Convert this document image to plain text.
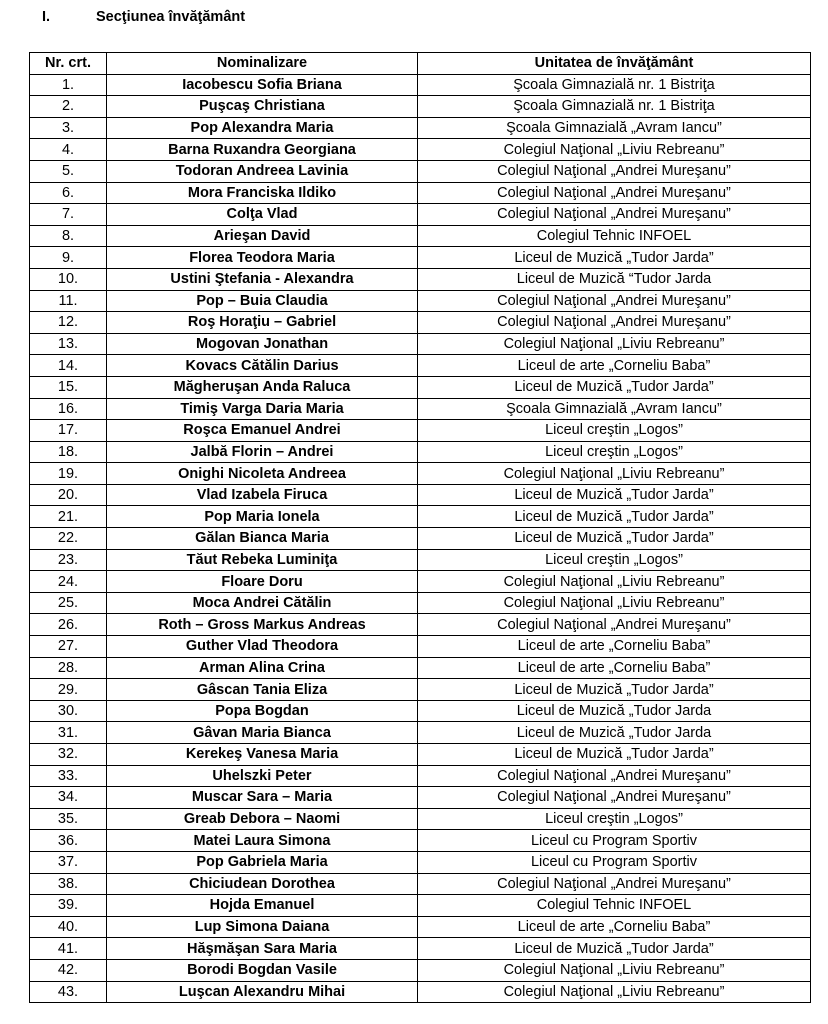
I.	Secţiunea învăţământ
Nr. crt.	Nominalizare	Unitatea de învăţământ
1.	Iacobescu Sofia Briana	Şcoala Gimnazială nr. 1 Bistriţa
2.	Puşcaş Christiana	Şcoala Gimnazială nr. 1 Bistriţa
3.	Pop Alexandra Maria	Şcoala Gimnazială „Avram Iancu”
4.	Barna Ruxandra Georgiana	Colegiul Naţional „Liviu Rebreanu”
5.	Todoran Andreea Lavinia	Colegiul Naţional „Andrei Mureşanu”
6.	Mora Franciska Ildiko	Colegiul Naţional „Andrei Mureşanu”
7.	Colţa Vlad	Colegiul Naţional „Andrei Mureşanu”
8.	Arieşan David	Colegiul Tehnic INFOEL
9.	Florea Teodora Maria	Liceul de Muzică „Tudor Jarda”
10.	Ustini Ştefania - Alexandra	Liceul de Muzică “Tudor Jarda
11.	Pop – Buia Claudia	Colegiul Naţional „Andrei Mureşanu”
12.	Roş Horaţiu – Gabriel	Colegiul Naţional „Andrei Mureşanu”
13.	Mogovan Jonathan	Colegiul Naţional „Liviu Rebreanu”
14.	Kovacs Cătălin Darius	Liceul de arte „Corneliu Baba”
15.	Măgheruşan Anda Raluca	Liceul de Muzică „Tudor Jarda”
16.	Timiş Varga Daria Maria	Şcoala Gimnazială „Avram Iancu”
17.	Roşca Emanuel Andrei	Liceul creştin „Logos”
18.	Jalbă Florin – Andrei	Liceul creştin „Logos”
19.	Onighi Nicoleta Andreea	Colegiul Naţional „Liviu Rebreanu”
20.	Vlad Izabela Firuca	Liceul de Muzică „Tudor Jarda”
21.	Pop Maria Ionela	Liceul de Muzică „Tudor Jarda”
22.	Gălan Bianca Maria	Liceul de Muzică „Tudor Jarda”
23.	Tăut Rebeka Luminiţa	Liceul creştin „Logos”
24.	Floare Doru	Colegiul Naţional „Liviu Rebreanu”
25.	Moca Andrei Cătălin	Colegiul Naţional „Liviu Rebreanu”
26.	Roth – Gross Markus Andreas	Colegiul Naţional „Andrei Mureşanu”
27.	Guther Vlad Theodora	Liceul de arte „Corneliu Baba”
28.	Arman Alina Crina	Liceul de arte „Corneliu Baba”
29.	Gâscan Tania Eliza	Liceul de Muzică „Tudor Jarda”
30.	Popa Bogdan	Liceul de Muzică „Tudor Jarda
31.	Gâvan Maria Bianca	Liceul de Muzică „Tudor Jarda
32.	Kerekeş Vanesa Maria	Liceul de Muzică „Tudor Jarda”
33.	Uhelszki Peter	Colegiul Naţional „Andrei Mureşanu”
34.	Muscar Sara – Maria	Colegiul Naţional „Andrei Mureşanu”
35.	Greab Debora – Naomi	Liceul creştin „Logos”
36.	Matei Laura Simona	Liceul cu Program Sportiv
37.	Pop Gabriela Maria	Liceul cu Program Sportiv
38.	Chiciudean Dorothea	Colegiul Naţional „Andrei Mureşanu”
39.	Hojda Emanuel	Colegiul Tehnic INFOEL
40.	Lup Simona Daiana	Liceul de arte „Corneliu Baba”
41.	Hăşmăşan Sara Maria	Liceul de Muzică „Tudor Jarda”
42.	Borodi Bogdan Vasile	Colegiul Naţional „Liviu Rebreanu”
43.	Luşcan Alexandru Mihai	Colegiul Naţional „Liviu Rebreanu”
